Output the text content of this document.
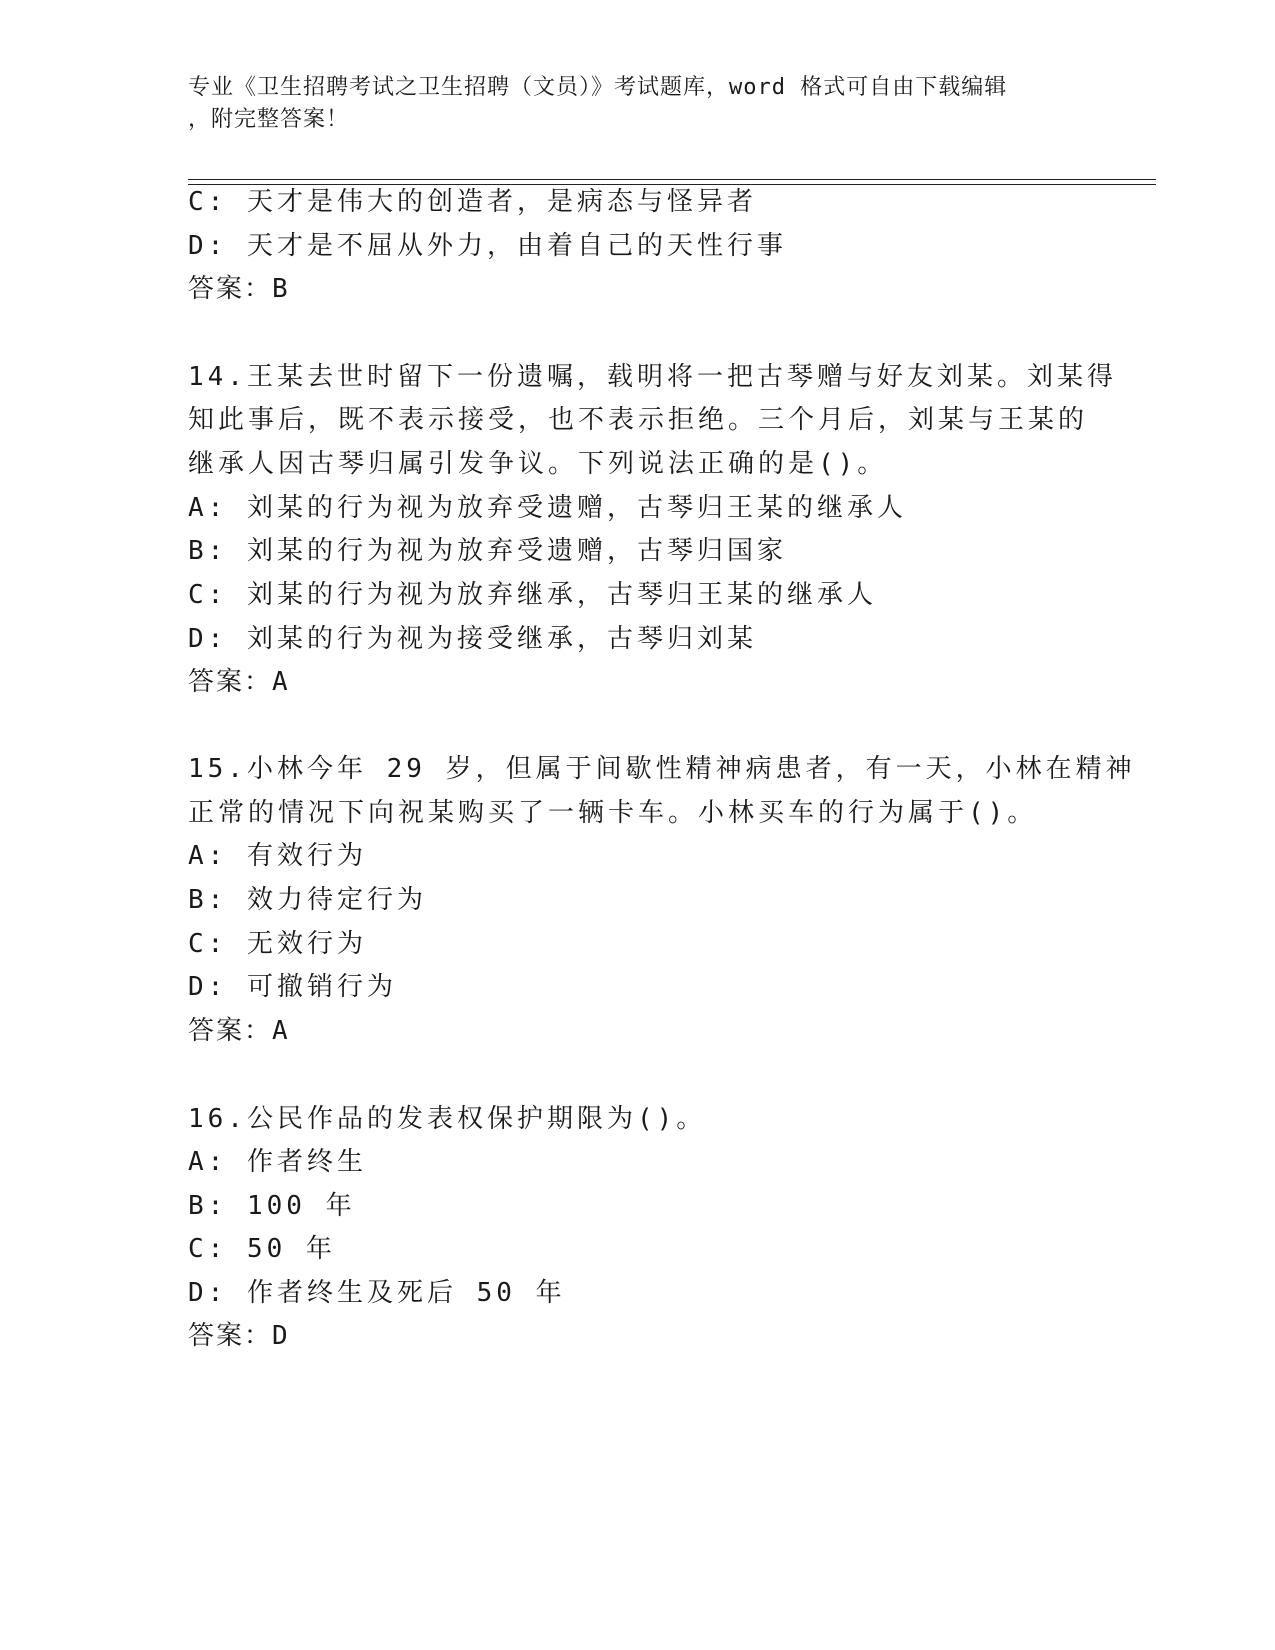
专业《卫生招聘考试之卫生招聘（文员）》考试题库，word 格式可自由下载编辑
，附完整答案！
C: 天才是伟大的创造者，是病态与怪异者
D: 天才是不屈从外力，由着自己的天性行事
答案：B
14.王某去世时留下一份遗嘱，载明将一把古琴赠与好友刘某。刘某得
知此事后，既不表示接受，也不表示拒绝。三个月后，刘某与王某的
继承人因古琴归属引发争议。下列说法正确的是()。
A: 刘某的行为视为放弃受遗赠，古琴归王某的继承人
B: 刘某的行为视为放弃受遗赠，古琴归国家
C: 刘某的行为视为放弃继承，古琴归王某的继承人
D: 刘某的行为视为接受继承，古琴归刘某
答案：A
15.小林今年 29 岁，但属于间歇性精神病患者，有一天，小林在精神
正常的情况下向祝某购买了一辆卡车。小林买车的行为属于()。
A: 有效行为
B: 效力待定行为
C: 无效行为
D: 可撤销行为
答案：A
16.公民作品的发表权保护期限为()。
A: 作者终生
B: 100 年
C: 50 年
D: 作者终生及死后 50 年
答案：D
